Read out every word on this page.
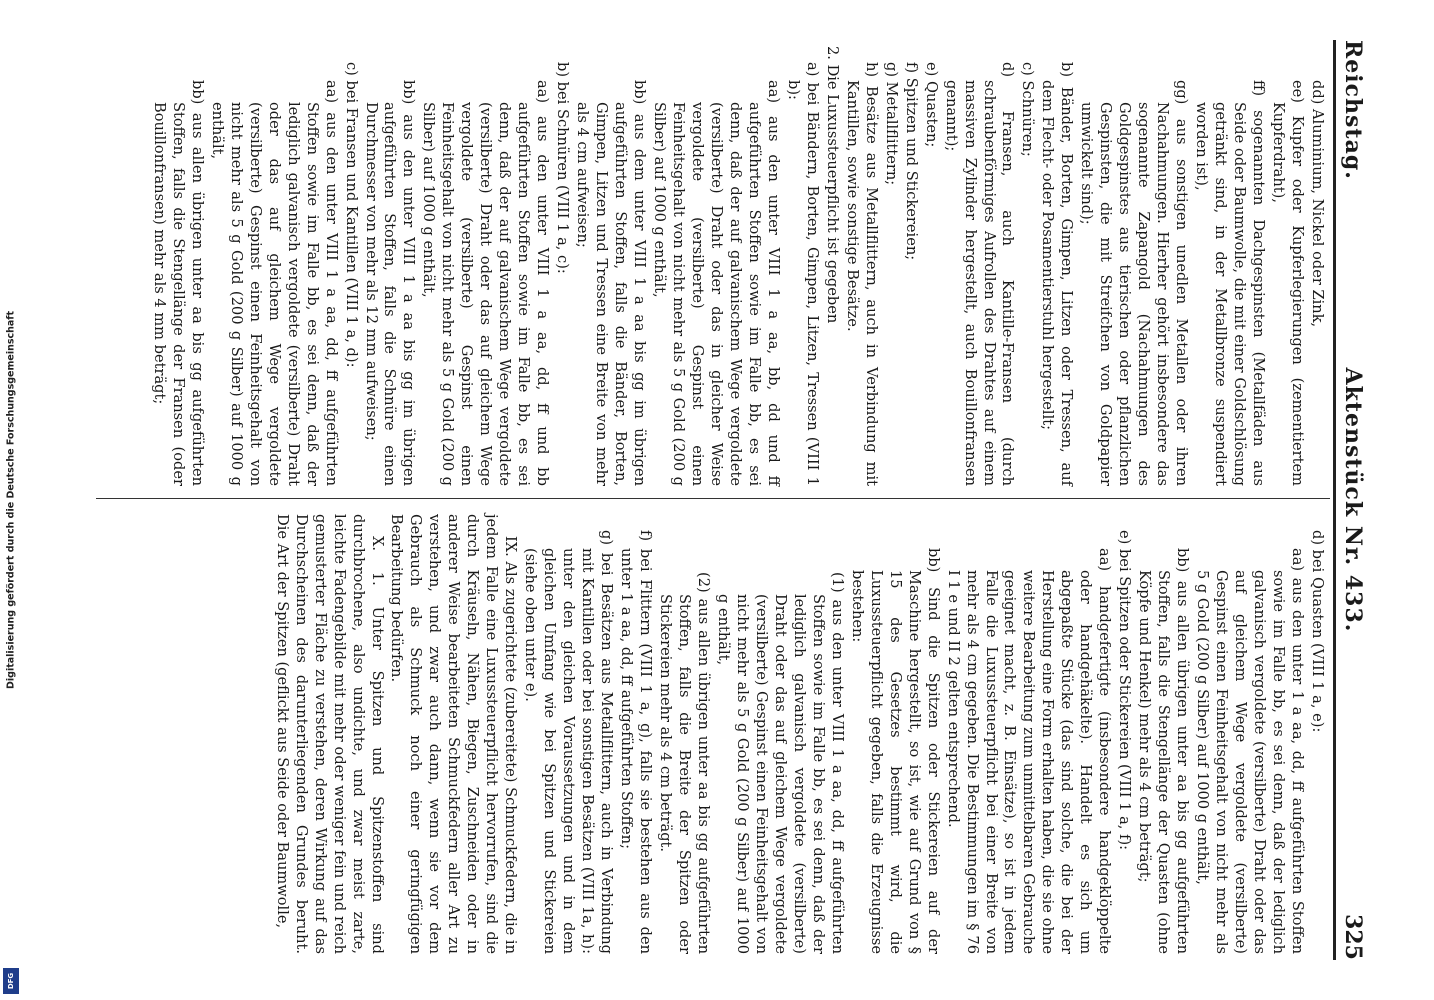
Digitalisierung gefördert durch die Deutsche Forschungsgemeinschaft
DFG
Reichstag.
Aktenstück Nr. 433.
325

dd) Aluminium, Nickel oder Zink,

ee) Kupfer oder Kupferlegierungen (zementiertem Kupferdraht),

ff) sogenannten Dachgespinsten (Metallfäden aus Seide oder Baumwolle, die mit einer Goldschlösung getränkt sind, in der Metallbronze suspendiert worden ist),

gg) aus sonstigen unedlen Metallen oder ihren Nachahmungen. Hierher gehört insbesondere das sogenannte Zapangold (Nachahmungen des Goldgespinstes aus tierischen oder pflanzlichen Gespinsten, die mit Streifchen von Goldpapier umwickelt sind);

b) Bänder, Borten, Gimpen, Litzen oder Tressen, auf dem Flecht- oder Posamentierstuhl hergestellt;

c) Schnüren;

d) Fransen, auch Kantille-Fransen (durch schraubenförmiges Aufrollen des Drahtes auf einem massiven Zylinder hergestellt, auch Bouillonfransen genannt);

e) Quasten;

f) Spitzen und Stickereien;

g) Metallflittern;

h) Besätze aus Metallflittern, auch in Verbindung mit Kantillen, sowie sonstige Besätze.

2. Die Luxussteuerpflicht ist gegeben

a) bei Bändern, Borten, Gimpen, Litzen, Tressen (VIII 1 b):

aa) aus den unter VIII 1 a aa, bb, dd und ff aufgeführten Stoffen sowie im Falle bb, es sei denn, daß der auf galvanischem Wege vergoldete (versilberte) Draht oder das in gleicher Weise vergoldete (versilberte) Gespinst einen Feinheitsgehalt von nicht mehr als 5 g Gold (200 g Silber) auf 1000 g enthält,

bb) aus dem unter VIII 1 a aa bis gg im übrigen aufgeführten Stoffen, falls die Bänder, Borten, Gimpen, Litzen und Tressen eine Breite von mehr als 4 cm aufweisen;

b) bei Schnüren (VIII 1 a, c):

aa) aus den unter VIII 1 a aa, dd, ff und bb aufgeführten Stoffen sowie im Falle bb, es sei denn, daß der auf galvanischem Wege vergoldete (versilberte) Draht oder das auf gleichem Wege vergoldete (versilberte) Gespinst einen Feinheitsgehalt von nicht mehr als 5 g Gold (200 g Silber) auf 1000 g enthält,

bb) aus den unter VIII 1 a aa bis gg im übrigen aufgeführten Stoffen, falls die Schnüre einen Durchmesser von mehr als 12 mm aufweisen;

c) bei Fransen und Kantillen (VIII 1 a, d):

aa) aus den unter VIII 1 a aa, dd, ff aufgeführten Stoffen sowie im Falle bb, es sei denn, daß der lediglich galvanisch vergoldete (versilberte) Draht oder das auf gleichem Wege vergoldete (versilberte) Gespinst einen Feinheitsgehalt von nicht mehr als 5 g Gold (200 g Silber) auf 1000 g enthält,

bb) aus allen übrigen unter aa bis gg aufgeführten Stoffen, falls die Stengellänge der Fransen (oder Bouillonfransen) mehr als 4 mm beträgt;

d) bei Quasten (VIII 1 a, e):

aa) aus den unter 1 a aa, dd, ff aufgeführten Stoffen sowie im Falle bb, es sei denn, daß der lediglich galvanisch vergoldete (versilberte) Draht oder das auf gleichem Wege vergoldete (versilberte) Gespinst einen Feinheitsgehalt von nicht mehr als 5 g Gold (200 g Silber) auf 1000 g enthält,

bb) aus allen übrigen unter aa bis gg aufgeführten Stoffen, falls die Stengellänge der Quasten (ohne Köpfe und Henkel) mehr als 4 cm beträgt;

e) bei Spitzen oder Stickereien (VIII 1 a, f):

aa) handgefertigte (insbesondere handgeklöppelte oder handgehäkelte). Handelt es sich um abgepaßte Stücke (das sind solche, die bei der Herstellung eine Form erhalten haben, die sie ohne weitere Bearbeitung zum unmittelbaren Gebrauche geeignet macht, z. B. Einsätze), so ist in jedem Falle die Luxussteuerpflicht bei einer Breite von mehr als 4 cm gegeben. Die Bestimmungen im § 76 I 1 e und II 2 gelten entsprechend.

bb) Sind die Spitzen oder Stickereien auf der Maschine hergestellt, so ist, wie auf Grund von § 15 des Gesetzes bestimmt wird, die Luxussteuerpflicht gegeben, falls die Erzeugnisse bestehen:

(1) aus den unter VIII 1 a aa, dd, ff aufgeführten Stoffen sowie im Falle bb, es sei denn, daß der lediglich galvanisch vergoldete (versilberte) Draht oder das auf gleichem Wege vergoldete (versilberte) Gespinst einen Feinheitsgehalt von nicht mehr als 5 g Gold (200 g Silber) auf 1000 g enthält,

(2) aus allen übrigen unter aa bis gg aufgeführten Stoffen, falls die Breite der Spitzen oder Stickereien mehr als 4 cm beträgt.

f) bei Flittern (VIII 1 a, g), falls sie bestehen aus den unter 1 a aa, dd, ff aufgeführten Stoffen;

g) bei Besätzen aus Metallflittern, auch in Verbindung mit Kantillen oder bei sonstigen Besätzen (VIII 1a, h): unter den gleichen Voraussetzungen und in dem gleichen Umfang wie bei Spitzen und Stickereien (siehe oben unter e).

IX. Als zugerichtete (zubereitete) Schmuckfedern, die in jedem Falle eine Luxussteuerpflicht hervorrufen, sind die durch Kräuseln, Nähen, Biegen, Zuschneiden oder in anderer Weise bearbeiteten Schmuckfedern aller Art zu verstehen, und zwar auch dann, wenn sie vor dem Gebrauch als Schmuck noch einer geringfügigen Bearbeitung bedürfen.

X. 1. Unter Spitzen und Spitzenstoffen sind durchbrochene, also undichte, und zwar meist zarte, leichte Fadengebilde mit mehr oder weniger fein und reich gemusterter Fläche zu verstehen, deren Wirkung auf das Durchscheinen des darunterliegenden Grundes beruht. Die Art der Spitzen (geflickt aus Seide oder Baumwolle,
